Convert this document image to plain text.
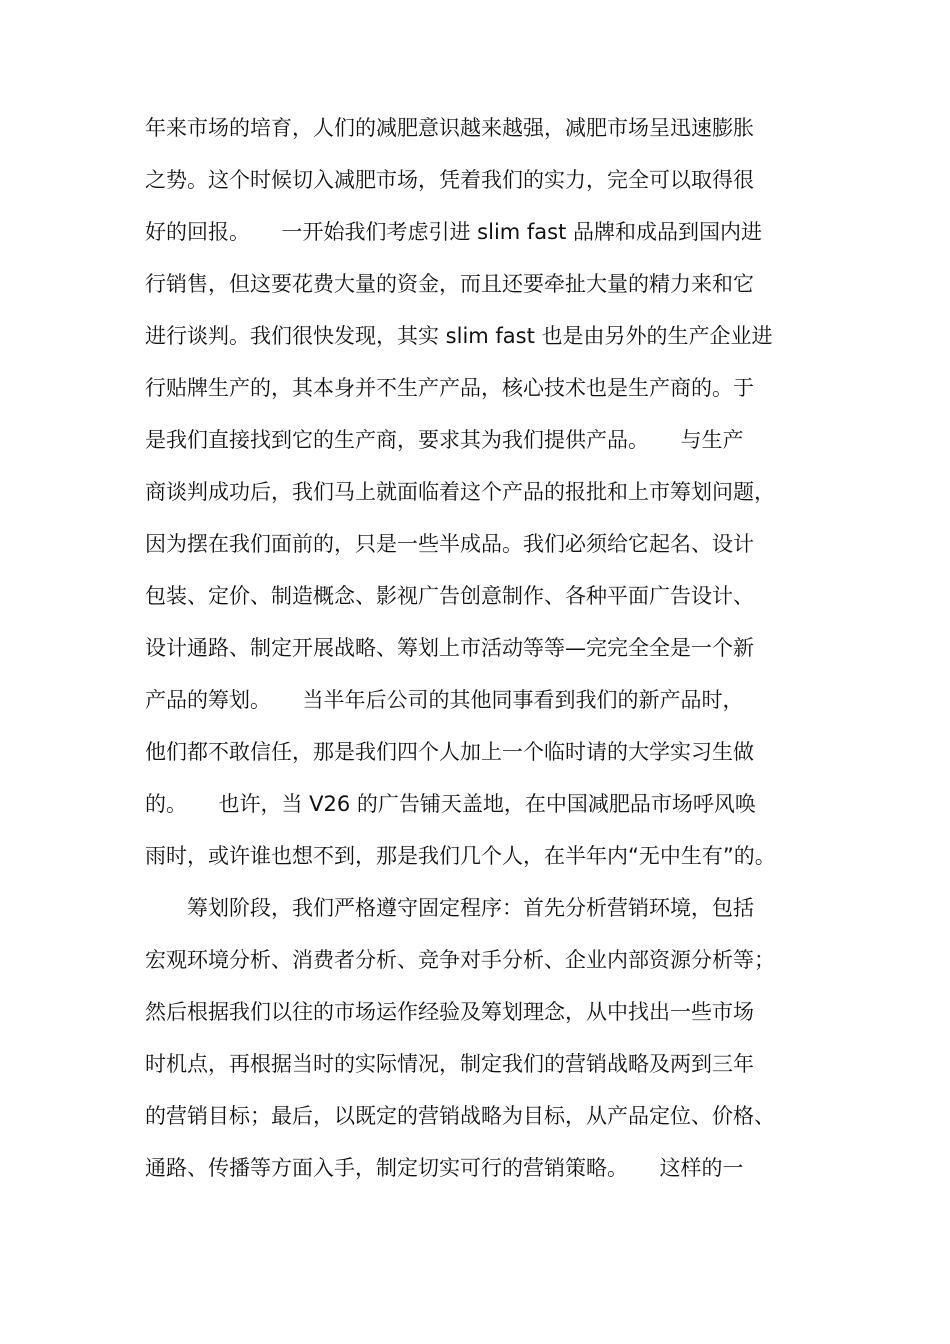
年来市场的培育，人们的减肥意识越来越强，减肥市场呈迅速膨胀
之势。这个时候切入减肥市场，凭着我们的实力，完全可以取得很
好的回报。　　一开始我们考虑引进 slim fast 品牌和成品到国内进
行销售，但这要花费大量的资金，而且还要牵扯大量的精力来和它
进行谈判。我们很快发现，其实 slim fast 也是由另外的生产企业进
行贴牌生产的，其本身并不生产产品，核心技术也是生产商的。于
是我们直接找到它的生产商，要求其为我们提供产品。　　与生产
商谈判成功后，我们马上就面临着这个产品的报批和上市筹划问题，
因为摆在我们面前的，只是一些半成品。我们必须给它起名、设计
包装、定价、制造概念、影视广告创意制作、各种平面广告设计、
设计通路、制定开展战略、筹划上市活动等等—完完全全是一个新
产品的筹划。　　当半年后公司的其他同事看到我们的新产品时，
他们都不敢信任，那是我们四个人加上一个临时请的大学实习生做
的。　　也许，当 V26 的广告铺天盖地，在中国减肥品市场呼风唤
雨时，或许谁也想不到，那是我们几个人，在半年内“无中生有”的。
　　筹划阶段，我们严格遵守固定程序：首先分析营销环境，包括
宏观环境分析、消费者分析、竞争对手分析、企业内部资源分析等；
然后根据我们以往的市场运作经验及筹划理念，从中找出一些市场
时机点，再根据当时的实际情况，制定我们的营销战略及两到三年
的营销目标；最后，以既定的营销战略为目标，从产品定位、价格、
通路、传播等方面入手，制定切实可行的营销策略。　　这样的一
